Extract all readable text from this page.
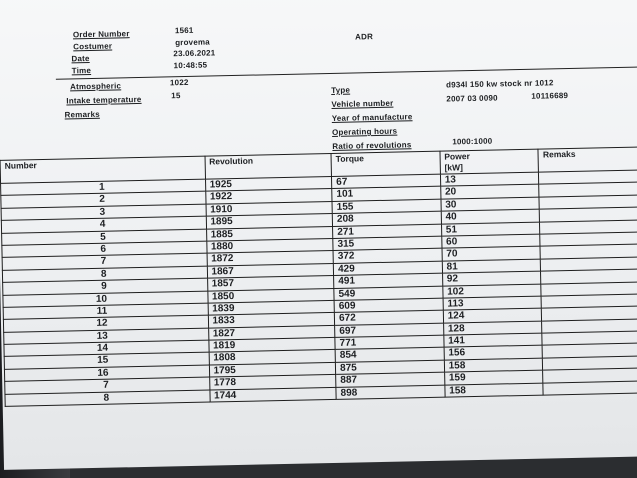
Order Number	1561
Costumer	grovema
ADR
Date
23.06.2021
Time
10:48:55
Atmospheric	1022
Intake temperature	15
Remarks
Type
d934l 150 kw stock nr 1012
Vehicle number
2007 03 0090	10116689
Year of manufacture
Operating hours
Ratio of revolutions	1000:1000
Number	Revolution	Torque	Power
[kW]	Remaks
1	1925	67	13	
2	1922	101	20	
3	1910	155	30	
4	1895	208	40	
5	1885	271	51	
6	1880	315	60	
7	1872	372	70	
8	1867	429	81	
9	1857	491	92	
10	1850	549	102	
11	1839	609	113	
12	1833	672	124	
13	1827	697	128	
14	1819	771	141	
15	1808	854	156	
16	1795	875	158	
7	1778	887	159	
8	1744	898	158	
